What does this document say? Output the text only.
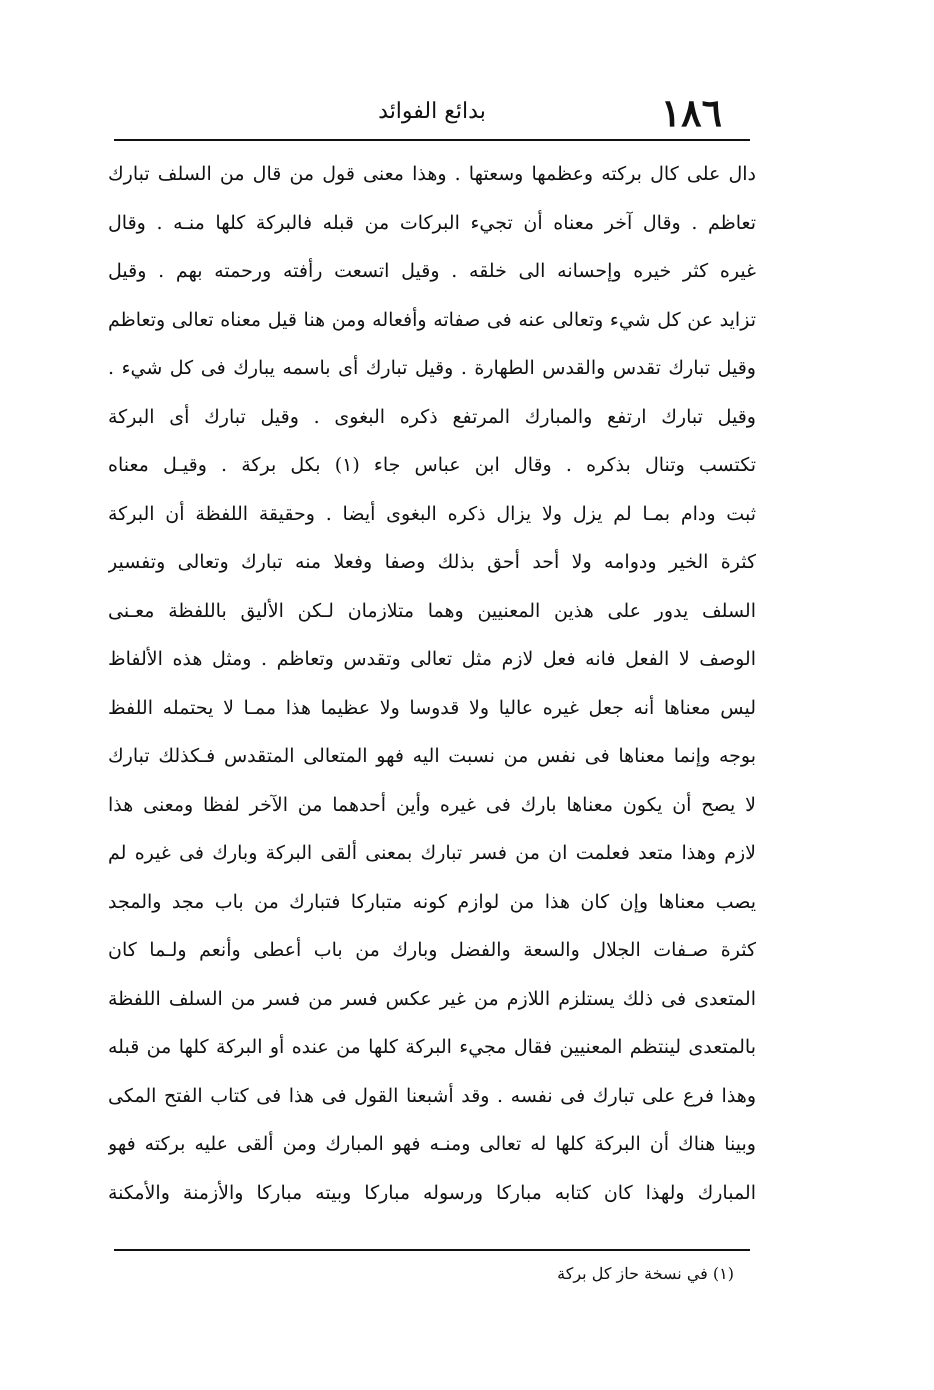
١٨٦
بدائع الفوائد
دال على كال بركته وعظمها وسعتها . وهذا معنى قول من قال من السلف تبارك
تعاظم . وقال آخر معناه أن تجيء البركات من قبله فالبركة كلها منـه . وقال
غيره كثر خيره وإحسانه الى خلقه . وقيل اتسعت رأفته ورحمته بهم . وقيل
تزايد عن كل شيء وتعالى عنه فى صفاته وأفعاله ومن هنا قيل معناه تعالى وتعاظم
وقيل تبارك تقدس والقدس الطهارة . وقيل تبارك أى باسمه يبارك فى كل شيء .
وقيل تبارك ارتفع والمبارك المرتفع ذكره البغوى . وقيل تبارك أى البركة
تكتسب وتنال بذكره . وقال ابن عباس جاء (١) بكل بركة . وقيـل معناه
ثبت ودام بمـا لم يزل ولا يزال ذكره البغوى أيضا . وحقيقة اللفظة أن البركة
كثرة الخير ودوامه ولا أحد أحق بذلك وصفا وفعلا منه تبارك وتعالى وتفسير
السلف يدور على هذين المعنيين وهما متلازمان لـكن الأليق باللفظة معـنى
الوصف لا الفعل فانه فعل لازم مثل تعالى وتقدس وتعاظم . ومثل هذه الألفاظ
ليس معناها أنه جعل غيره عاليا ولا قدوسا ولا عظيما هذا ممـا لا يحتمله اللفظ
بوجه وإنما معناها فى نفس من نسبت اليه فهو المتعالى المتقدس فـكذلك تبارك
لا يصح أن يكون معناها بارك فى غيره وأين أحدهما من الآخر لفظا ومعنى هذا
لازم وهذا متعد فعلمت ان من فسر تبارك بمعنى ألقى البركة وبارك فى غيره لم
يصب معناها وإن كان هذا من لوازم كونه متباركا فتبارك من باب مجد والمجد
كثرة صـفات الجلال والسعة والفضل وبارك من باب أعطى وأنعم ولـما كان
المتعدى فى ذلك يستلزم اللازم من غير عكس فسر من فسر من السلف اللفظة
بالمتعدى لينتظم المعنيين فقال مجيء البركة كلها من عنده أو البركة كلها من قبله
وهذا فرع على تبارك فى نفسه . وقد أشبعنا القول فى هذا فى كتاب الفتح المكى
وبينا هناك أن البركة كلها له تعالى ومنـه فهو المبارك ومن ألقى عليه بركته فهو
المبارك ولهذا كان كتابه مباركا ورسوله مباركا وبيته مباركا والأزمنة والأمكنة
(١) في نسخة حاز كل بركة
